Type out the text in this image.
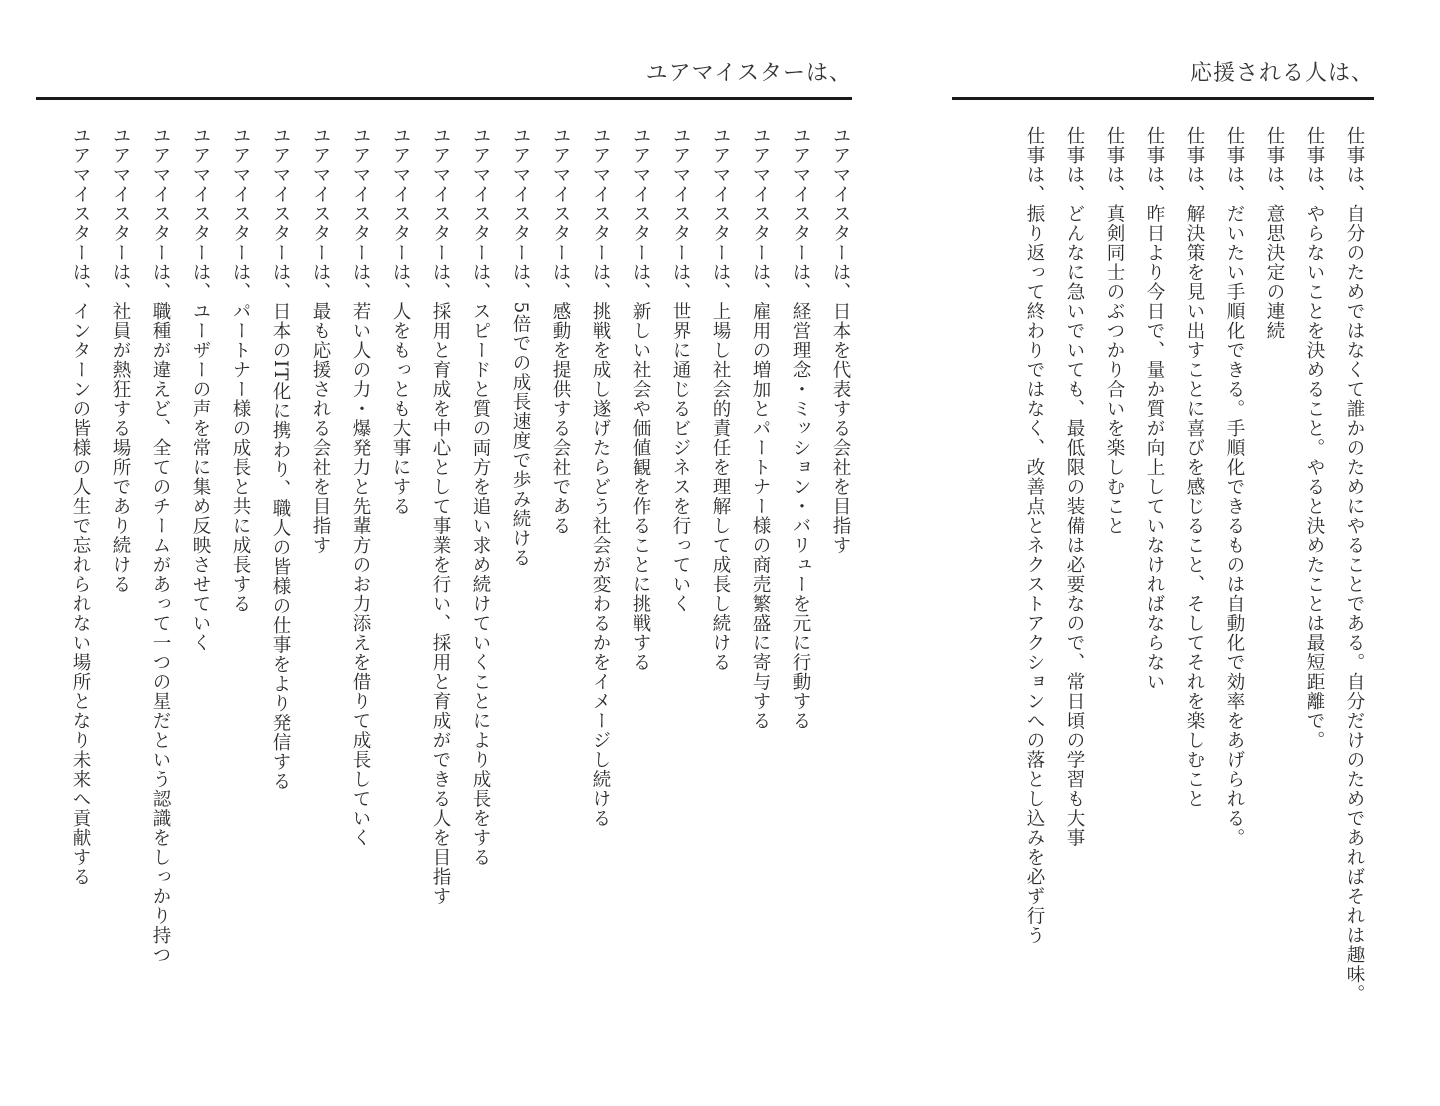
応援される人は、
仕事は、自分のためではなくて誰かのためにやることである。自分だけのためであればそれは趣味。
仕事は、やらないことを決めること。やると決めたことは最短距離で。
仕事は、意思決定の連続
仕事は、だいたい手順化できる。手順化できるものは自動化で効率をあげられる。
仕事は、解決策を見い出すことに喜びを感じること、そしてそれを楽しむこと
仕事は、昨日より今日で、量か質が向上していなければならない
仕事は、真剣同士のぶつかり合いを楽しむこと
仕事は、どんなに急いでいても、最低限の装備は必要なので、常日頃の学習も大事
仕事は、振り返って終わりではなく、改善点とネクストアクションへの落とし込みを必ず行う
ユアマイスターは、
ユアマイスターは、日本を代表する会社を目指す
ユアマイスターは、経営理念・ミッション・バリューを元に行動する
ユアマイスターは、雇用の増加とパートナー様の商売繁盛に寄与する
ユアマイスターは、上場し社会的責任を理解して成長し続ける
ユアマイスターは、世界に通じるビジネスを行っていく
ユアマイスターは、新しい社会や価値観を作ることに挑戦する
ユアマイスターは、挑戦を成し遂げたらどう社会が変わるかをイメージし続ける
ユアマイスターは、感動を提供する会社である
ユアマイスターは、5倍での成長速度で歩み続ける
ユアマイスターは、スピードと質の両方を追い求め続けていくことにより成長をする
ユアマイスターは、採用と育成を中心として事業を行い、採用と育成ができる人を目指す
ユアマイスターは、人をもっとも大事にする
ユアマイスターは、若い人の力・爆発力と先輩方のお力添えを借りて成長していく
ユアマイスターは、最も応援される会社を目指す
ユアマイスターは、日本のIT化に携わり、職人の皆様の仕事をより発信する
ユアマイスターは、パートナー様の成長と共に成長する
ユアマイスターは、ユーザーの声を常に集め反映させていく
ユアマイスターは、職種が違えど、全てのチームがあって一つの星だという認識をしっかり持つ
ユアマイスターは、社員が熱狂する場所であり続ける
ユアマイスターは、インターンの皆様の人生で忘れられない場所となり未来へ貢献する
